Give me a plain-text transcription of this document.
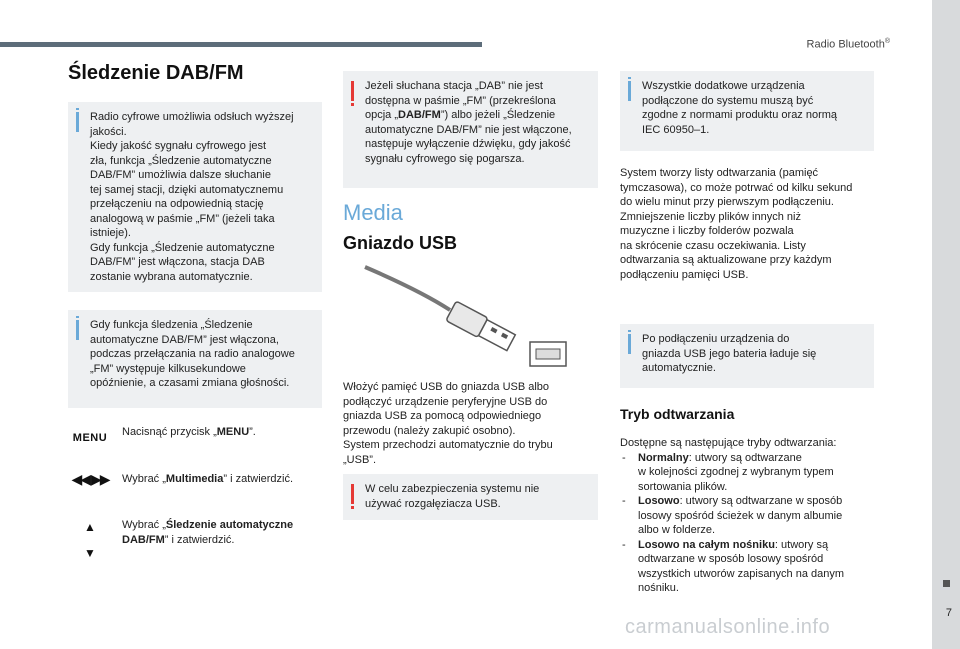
Radio Bluetooth®
7
Śledzenie DAB/FM

Radio cyfrowe umożliwia odsłuch wyższej
jakości.
Kiedy jakość sygnału cyfrowego jest
zła, funkcja „Śledzenie automatyczne
DAB/FM” umożliwia dalsze słuchanie
tej samej stacji, dzięki automatycznemu
przełączeniu na odpowiednią stację
analogową w paśmie „FM” (jeżeli taka
istnieje).
Gdy funkcja „Śledzenie automatyczne
DAB/FM” jest włączona, stacja DAB
zostanie wybrana automatycznie.

Gdy funkcja śledzenia „Śledzenie
automatyczne DAB/FM” jest włączona,
podczas przełączania na radio analogowe
„FM” występuje kilkusekundowe
opóźnienie, a czasami zmiana głośności.

MENU	Nacisnąć przycisk „MENU”.
◀◀ ▶▶	Wybrać „Multimedia” i zatwierdzić.
▲
▼
Wybrać „Śledzenie automatyczne
DAB/FM” i zatwierdzić.

Jeżeli słuchana stacja „DAB” nie jest
dostępna w paśmie „FM” (przekreślona
opcja „DAB/FM”) albo jeżeli „Śledzenie
automatyczne DAB/FM” nie jest włączone,
następuje wyłączenie dźwięku, gdy jakość
sygnału cyfrowego się pogarsza.

Media
Gniazdo USB
Włożyć pamięć USB do gniazda USB albo
podłączyć urządzenie peryferyjne USB do
gniazda USB za pomocą odpowiedniego
przewodu (należy zakupić osobno).
System przechodzi automatycznie do trybu
„USB”.

W celu zabezpieczenia systemu nie
używać rozgałęziacza USB.

Wszystkie dodatkowe urządzenia
podłączone do systemu muszą być
zgodne z normami produktu oraz normą
IEC 60950–1.

System tworzy listy odtwarzania (pamięć
tymczasowa), co może potrwać od kilku sekund
do wielu minut przy pierwszym podłączeniu.
Zmniejszenie liczby plików innych niż
muzyczne i liczby folderów pozwala
na skrócenie czasu oczekiwania. Listy
odtwarzania są aktualizowane przy każdym
podłączeniu pamięci USB.

Po podłączeniu urządzenia do
gniazda USB jego bateria ładuje się
automatycznie.

Tryb odtwarzania
Dostępne są następujące tryby odtwarzania:
- Normalny: utwory są odtwarzane
w kolejności zgodnej z wybranym typem
sortowania plików.
- Losowo: utwory są odtwarzane w sposób
losowy spośród ścieżek w danym albumie
albo w folderze.
- Losowo na całym nośniku: utwory są
odtwarzane w sposób losowy spośród
wszystkich utworów zapisanych na danym
nośniku.
carmanualsonline.info
